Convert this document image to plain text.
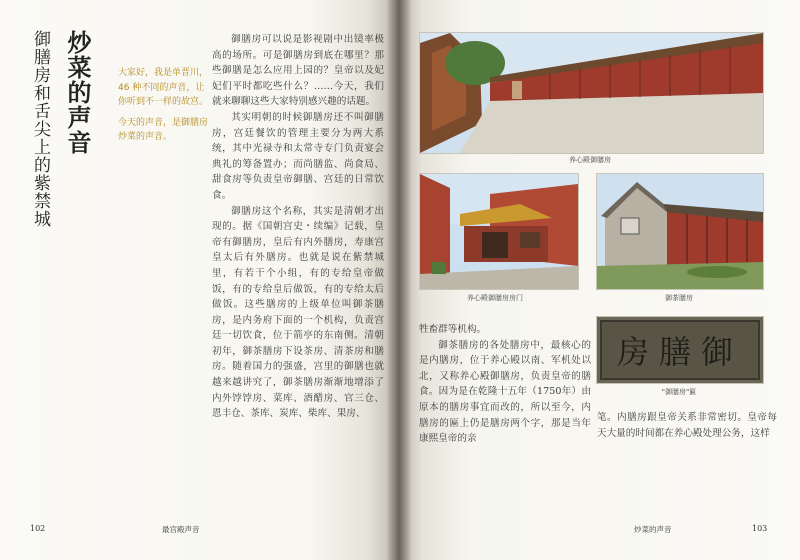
炒菜的声音
御膳房和舌尖上的紫禁城	大家好，我是单晋川，46 种不同的声音，让你听到不一样的故宫。

今天的声音，是御膳房炒菜的声音。

御膳房可以说是影视剧中出镜率极高的场所。可是御膳房到底在哪里？那些御膳是怎么应用上园的？皇帝以及妃妃们平时都吃些什么？……今天，我们就来聊聊这些大家特别感兴趣的话题。

其实明朝的时候御膳房还不叫御膳房，宫廷餐饮的管理主要分为两大系统，其中光禄寺和太常寺专门负责宴会典礼的筹备置办；而尚膳监、尚食局、甜食房等负责皇帝御膳、宫廷的日常饮食。

御膳房这个名称，其实是清朝才出现的。据《国朝宫史・续编》记载，皇帝有御膳房，皇后有内外膳房，寿康宫皇太后有外膳房。也就是说在紫禁城里，有若干个小组，有的专给皇帝做饭，有的专给皇后做饭，有的专给太后做饭。这些膳房的上级单位叫御茶膳房，是内务府下面的一个机构，负责宫廷一切饮食，位于箭亭的东南侧。清朝初年，御茶膳房下设茶房、清茶房和膳房。随着国力的强盛，宫里的御膳也就越来越讲究了，御茶膳房渐渐地增添了内外饽饽房、菜库、酒醋房、官三仓、恩丰仓、茶库、炭库、柴库、果房、

102	最宫殿声音
养心殿御膳房
养心殿御膳房房门	御茶膳房
房膳御
"御膳房"匾

牲畜群等机构。

御茶膳房的各处膳房中，最核心的是内膳房，位于养心殿以南、军机处以北，又称养心殿御膳房，负责皇帝的膳食。因为是在乾隆十五年（1750年）由原本的膳房事宜而改的，所以至今，内膳房的匾上仍是膳房两个字，那是当年康熙皇帝的亲

笔。内膳房跟皇帝关系非常密切。皇帝每天大量的时间都在养心殿处理公务，这样

炒菜的声音	103
